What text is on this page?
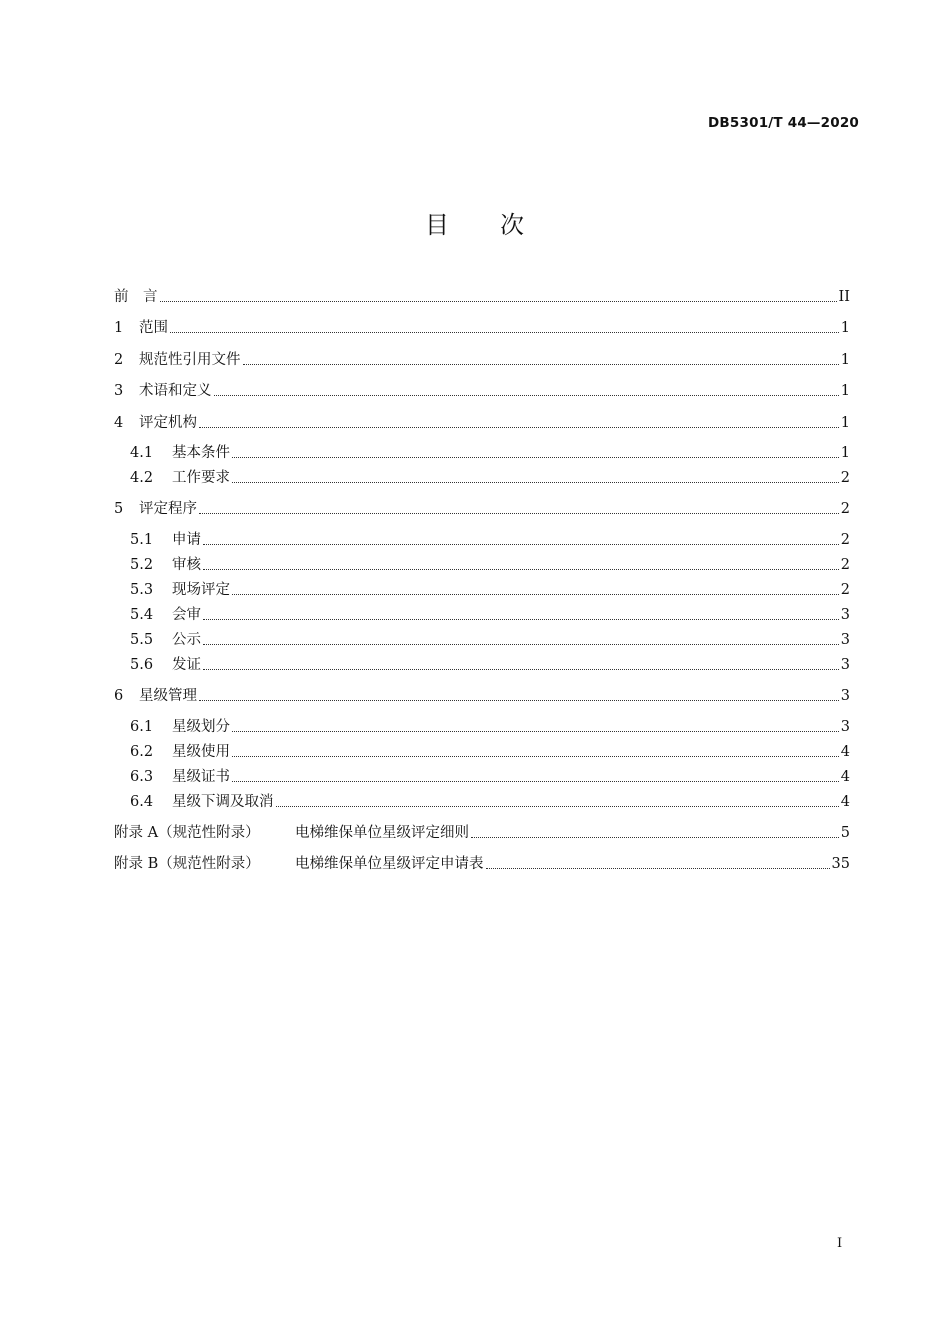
DB5301/T 44—2020
目 次
前　言	II
1	范围	1
2	规范性引用文件	1
3	术语和定义	1
4	评定机构	1
4.1	基本条件	1
4.2	工作要求	2
5	评定程序	2
5.1	申请	2
5.2	审核	2
5.3	现场评定	2
5.4	会审	3
5.5	公示	3
5.6	发证	3
6	星级管理	3
6.1	星级划分	3
6.2	星级使用	4
6.3	星级证书	4
6.4	星级下调及取消	4
附录 A（规范性附录）	电梯维保单位星级评定细则	5
附录 B（规范性附录）	电梯维保单位星级评定申请表	35
I
